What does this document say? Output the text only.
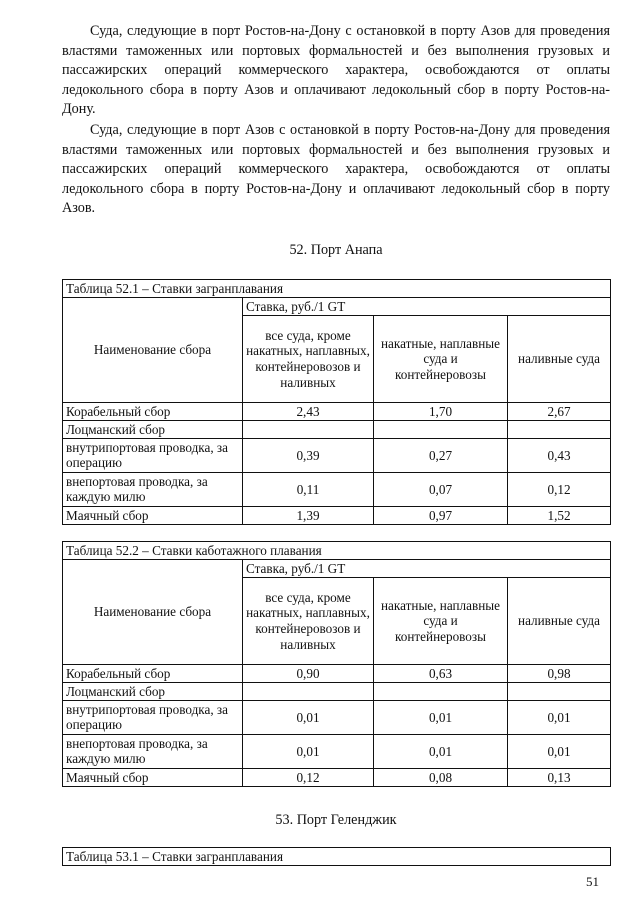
Суда, следующие в порт Ростов-на-Дону с остановкой в порту Азов для проведения властями таможенных или портовых формальностей и без выполнения грузовых и пассажирских операций коммерческого характера, освобождаются от оплаты ледокольного сбора в порту Азов и оплачивают ледокольный сбор в порту Ростов-на-Дону.

Суда, следующие в порт Азов с остановкой в порту Ростов-на-Дону для проведения властями таможенных или портовых формальностей и без выполнения грузовых и пассажирских операций коммерческого характера, освобождаются от оплаты ледокольного сбора в порту Ростов-на-Дону и оплачивают ледокольный сбор в порту Азов.

52. Порт Анапа

Таблица 52.1 – Ставки загранплавания			
Наименование сбора	Ставка, руб./1 GT		
	все суда, кроме накатных, наплавных, контейнеровозов и наливных	накатные, наплавные суда и контейнеровозы	наливные суда
Корабельный сбор	2,43	1,70	2,67
Лоцманский сбор			
внутрипортовая проводка, за операцию	0,39	0,27	0,43
внепортовая проводка, за каждую милю	0,11	0,07	0,12
Маячный сбор	1,39	0,97	1,52
Таблица 52.2 – Ставки каботажного плавания			
Наименование сбора	Ставка, руб./1 GT		
	все суда, кроме накатных, наплавных, контейнеровозов и наливных	накатные, наплавные суда и контейнеровозы	наливные суда
Корабельный сбор	0,90	0,63	0,98
Лоцманский сбор			
внутрипортовая проводка, за операцию	0,01	0,01	0,01
внепортовая проводка, за каждую милю	0,01	0,01	0,01
Маячный сбор	0,12	0,08	0,13

53. Порт Геленджик

Таблица 53.1 – Ставки загранплавания
51
